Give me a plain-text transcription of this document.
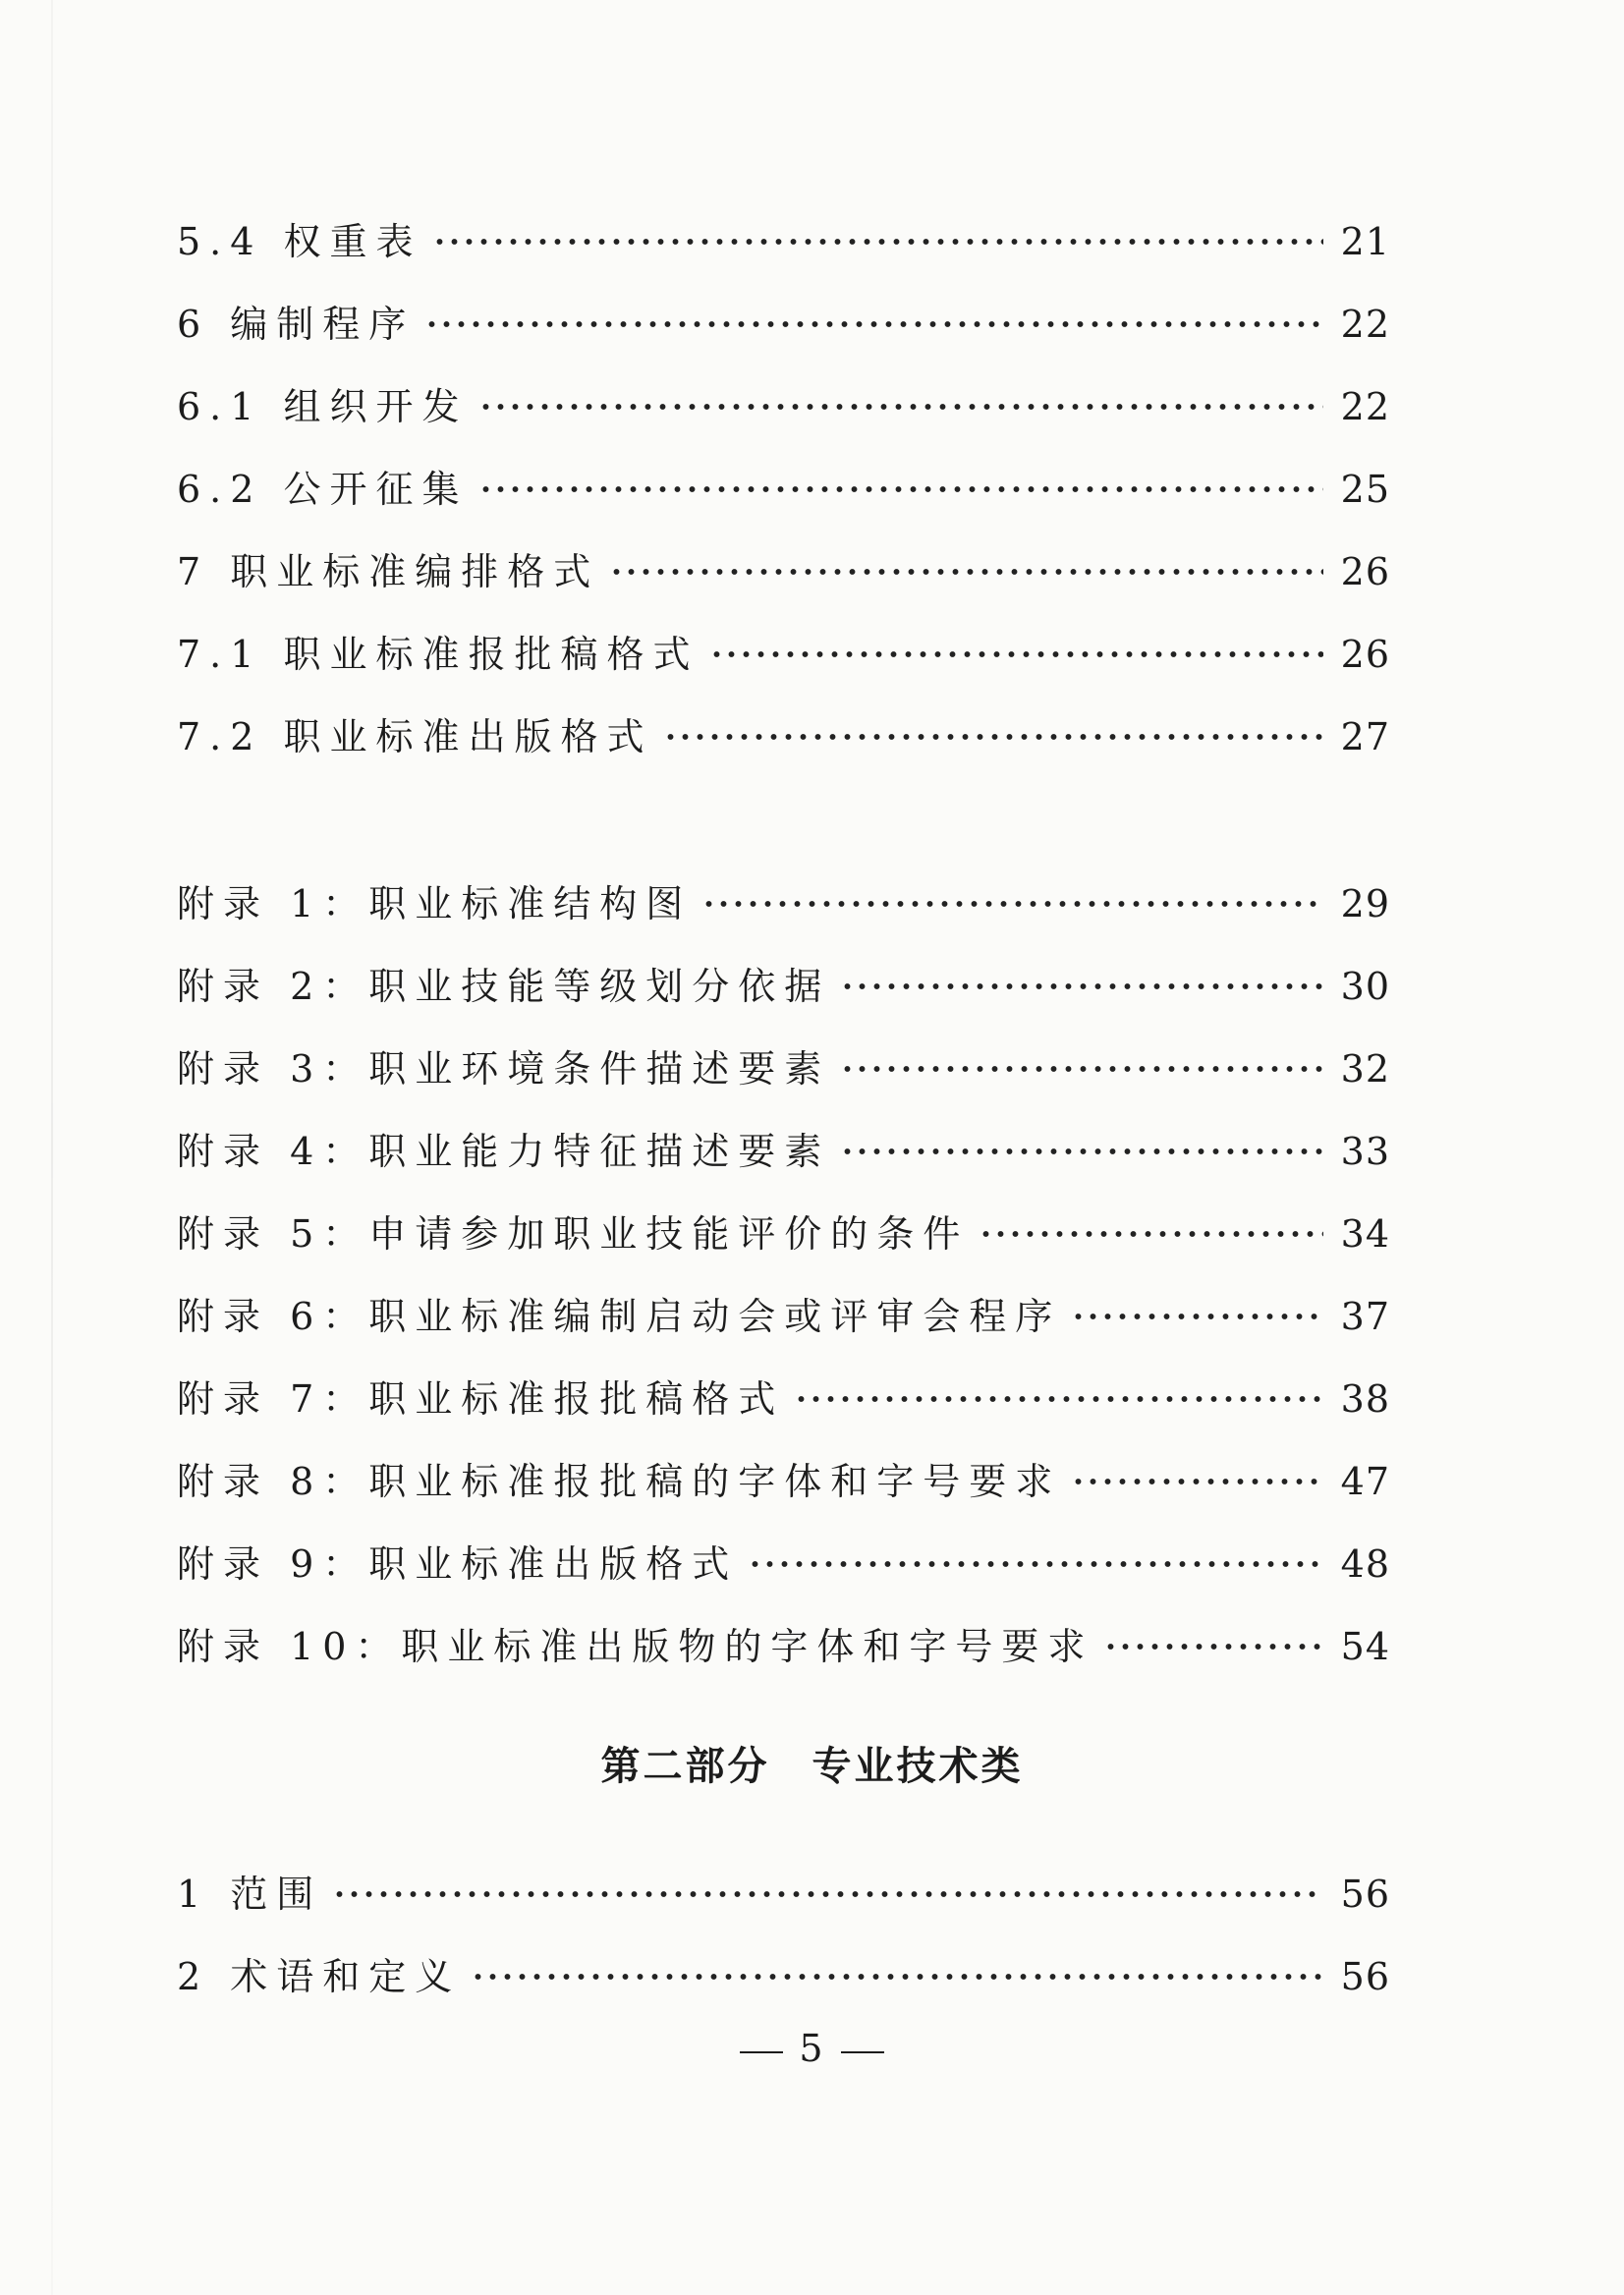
5.4 权重表	21
6 编制程序	22
6.1 组织开发	22
6.2 公开征集	25
7 职业标准编排格式	26
7.1 职业标准报批稿格式	26
7.2 职业标准出版格式	27
附录 1：职业标准结构图	29
附录 2：职业技能等级划分依据	30
附录 3：职业环境条件描述要素	32
附录 4：职业能力特征描述要素	33
附录 5：申请参加职业技能评价的条件	34
附录 6：职业标准编制启动会或评审会程序	37
附录 7：职业标准报批稿格式	38
附录 8：职业标准报批稿的字体和字号要求	47
附录 9：职业标准出版格式	48
附录 10：职业标准出版物的字体和字号要求	54
第二部分　专业技术类
1 范围	56
2 术语和定义	56
5
